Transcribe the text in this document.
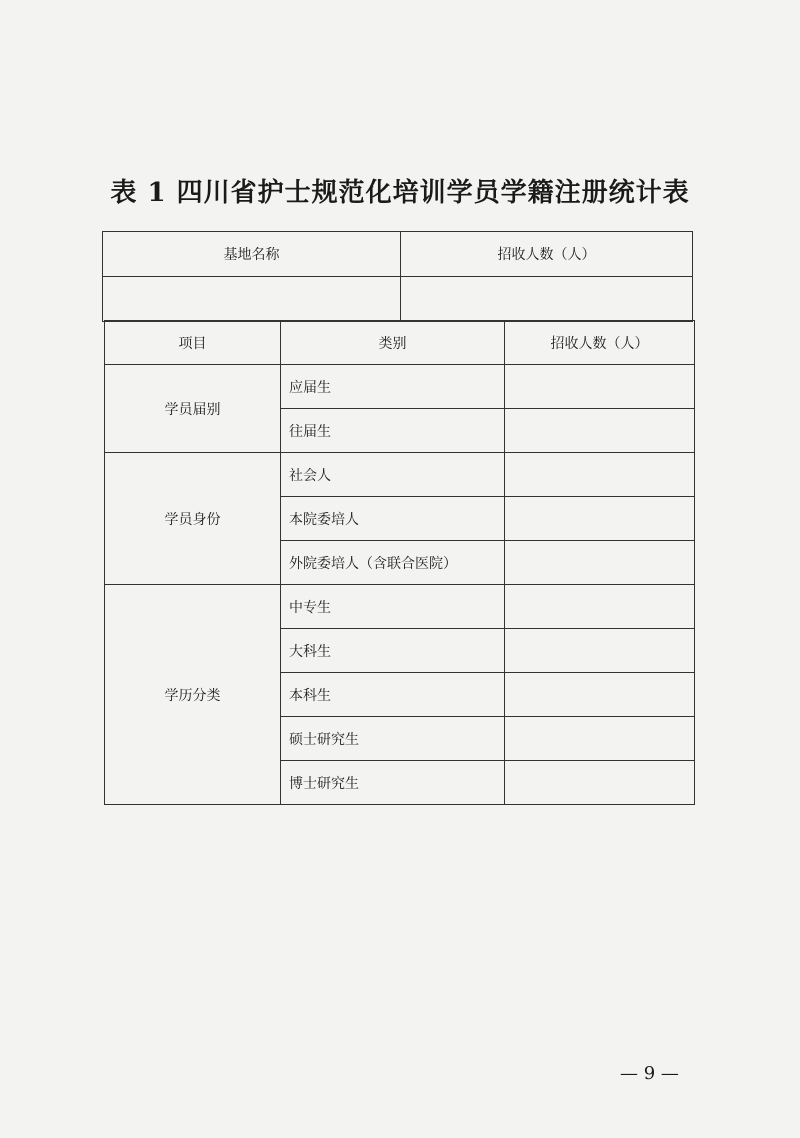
表 1 四川省护士规范化培训学员学籍注册统计表
基地名称	招收人数（人）

项目	类别	招收人数（人）
学员届别	应届生	
	往届生	
学员身份	社会人	
	本院委培人	
	外院委培人（含联合医院）	
学历分类	中专生	
	大科生	
	本科生	
	硕士研究生	
	博士研究生	
— 9 —
